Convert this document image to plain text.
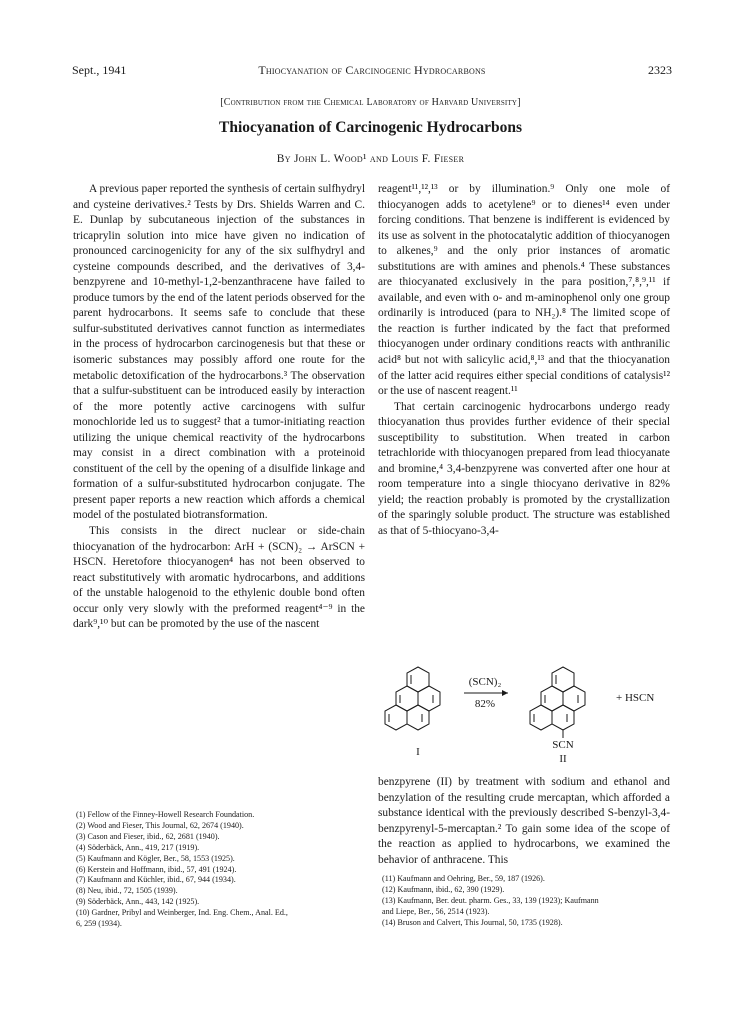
Sept., 1941	Thiocyanation of Carcinogenic Hydrocarbons	2323
[Contribution from the Chemical Laboratory of Harvard University]
Thiocyanation of Carcinogenic Hydrocarbons
By John L. Wood¹ and Louis F. Fieser

A previous paper reported the synthesis of certain sulfhydryl and cysteine derivatives.² Tests by Drs. Shields Warren and C. E. Dunlap by subcutaneous injection of the substances in tricaprylin solution into mice have given no indication of pronounced carcinogenicity for any of the six sulfhydryl and cysteine compounds described, and the derivatives of 3,4-benzpyrene and 10-methyl-1,2-benzanthracene have failed to produce tumors by the end of the latent periods observed for the parent hydrocarbons. It seems safe to conclude that these sulfur-substituted derivatives cannot function as intermediates in the process of hydrocarbon carcinogenesis but that these or isomeric substances may possibly afford one route for the metabolic detoxification of the hydrocarbons.³ The observation that a sulfur-substituent can be introduced easily by interaction of the more potently active carcinogens with sulfur monochloride led us to suggest² that a tumor-initiating reaction utilizing the unique chemical reactivity of the hydrocarbons may consist in a direct combination with a proteinoid constituent of the cell by the opening of a disulfide linkage and formation of a sulfur-substituted hydrocarbon conjugate. The present paper reports a new reaction which affords a chemical model of the postulated biotransformation.

This consists in the direct nuclear or side-chain thiocyanation of the hydrocarbon: ArH + (SCN)₂ → ArSCN + HSCN. Heretofore thiocyanogen⁴ has not been observed to react substitutively with aromatic hydrocarbons, and additions of the unstable halogenoid to the ethylenic double bond often occur only very slowly with the preformed reagent⁴⁻⁹ in the dark⁹,¹⁰ but can be promoted by the use of the nascent

reagent¹¹,¹²,¹³ or by illumination.⁹ Only one mole of thiocyanogen adds to acetylene⁹ or to dienes¹⁴ even under forcing conditions. That benzene is indifferent is evidenced by its use as solvent in the photocatalytic addition of thiocyanogen to alkenes,⁹ and the only prior instances of aromatic substitutions are with amines and phenols.⁴ These substances are thiocyanated exclusively in the para position,⁷,⁸,⁹,¹¹ if available, and even with o- and m-aminophenol only one group ordinarily is introduced (para to NH₂).⁸ The limited scope of the reaction is further indicated by the fact that preformed thiocyanogen under ordinary conditions reacts with anthranilic acid⁸ but not with salicylic acid,⁸,¹³ and that the thiocyanation of the latter acid requires either special conditions of catalysis¹² or the use of nascent reagent.¹¹

That certain carcinogenic hydrocarbons undergo ready thiocyanation thus provides further evidence of their special susceptibility to substitution. When treated in carbon tetrachloride with thiocyanogen prepared from lead thiocyanate and bromine,⁴ 3,4-benzpyrene was converted after one hour at room temperature into a single thiocyano derivative in 82% yield; the reaction probably is promoted by the crystallization of the sparingly soluble product. The structure was established as that of 5-thiocyano-3,4-

I
(SCN)₂
82%
SCN
II
+ HSCN

benzpyrene (II) by treatment with sodium and ethanol and benzylation of the resulting crude mercaptan, which afforded a substance identical with the previously described S-benzyl-3,4-benzpyrenyl-5-mercaptan.² To gain some idea of the scope of the reaction as applied to hydrocarbons, we examined the behavior of anthracene. This

(1) Fellow of the Finney-Howell Research Foundation.
(2) Wood and Fieser, This Journal, 62, 2674 (1940).
(3) Cason and Fieser, ibid., 62, 2681 (1940).
(4) Söderbäck, Ann., 419, 217 (1919).
(5) Kaufmann and Kögler, Ber., 58, 1553 (1925).
(6) Kerstein and Hoffmann, ibid., 57, 491 (1924).
(7) Kaufmann and Küchler, ibid., 67, 944 (1934).
(8) Neu, ibid., 72, 1505 (1939).
(9) Söderbäck, Ann., 443, 142 (1925).
(10) Gardner, Pribyl and Weinberger, Ind. Eng. Chem., Anal. Ed.,
6, 259 (1934).
(11) Kaufmann and Oehring, Ber., 59, 187 (1926).
(12) Kaufmann, ibid., 62, 390 (1929).
(13) Kaufmann, Ber. deut. pharm. Ges., 33, 139 (1923); Kaufmann
and Liepe, Ber., 56, 2514 (1923).
(14) Bruson and Calvert, This Journal, 50, 1735 (1928).
